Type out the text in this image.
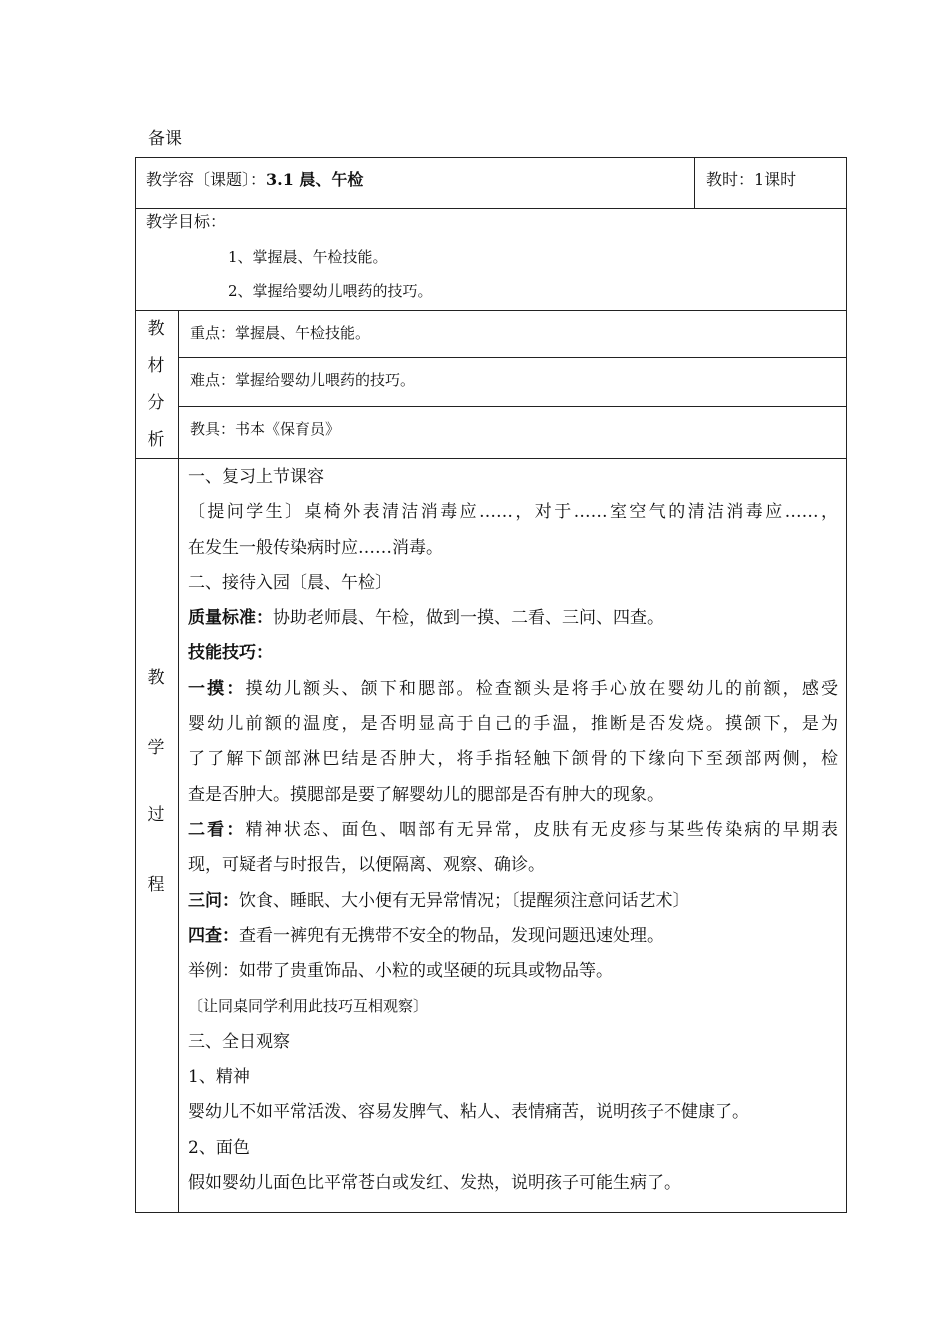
备课
教学容〔课题〕：3.1 晨、午检	教时：1课时
教学目标：
1、掌握晨、午检技能。
2、掌握给婴幼儿喂药的技巧。
教
材
分
析
重点：掌握晨、午检技能。
难点：掌握给婴幼儿喂药的技巧。
教具：书本《保育员》
教
学
过
程
一、复习上节课容
〔提问学生〕桌椅外表清洁消毒应……，对于……室空气的清洁消毒应……，
在发生一般传染病时应……消毒。
二、接待入园〔晨、午检〕
质量标准：协助老师晨、午检，做到一摸、二看、三问、四查。
技能技巧：
一摸：摸幼儿额头、颌下和腮部。检查额头是将手心放在婴幼儿的前额，感受
婴幼儿前额的温度，是否明显高于自己的手温，推断是否发烧。摸颌下，是为
了了解下颌部淋巴结是否肿大，将手指轻触下颌骨的下缘向下至颈部两侧，检
查是否肿大。摸腮部是要了解婴幼儿的腮部是否有肿大的现象。
二看：精神状态、面色、咽部有无异常，皮肤有无皮疹与某些传染病的早期表
现，可疑者与时报告，以便隔离、观察、确诊。
三问：饮食、睡眠、大小便有无异常情况；〔提醒须注意问话艺术〕
四查：查看一裤兜有无携带不安全的物品，发现问题迅速处理。
举例：如带了贵重饰品、小粒的或坚硬的玩具或物品等。
〔让同桌同学利用此技巧互相观察〕
三、全日观察
1、精神
婴幼儿不如平常活泼、容易发脾气、粘人、表情痛苦，说明孩子不健康了。
2、面色
假如婴幼儿面色比平常苍白或发红、发热，说明孩子可能生病了。
